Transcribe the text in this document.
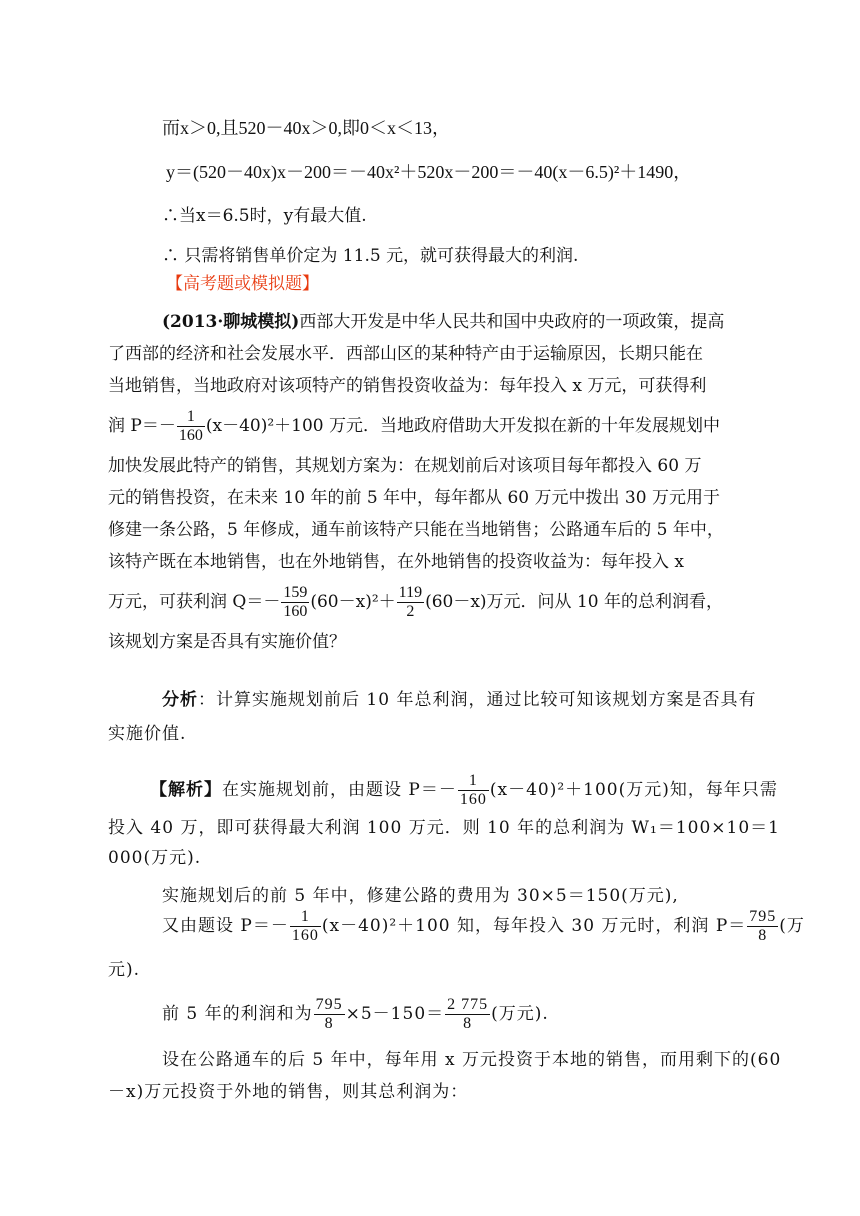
而x＞0,且520－40x＞0,即0＜x＜13，
y＝(520－40x)x－200＝－40x²＋520x－200＝－40(x－6.5)²＋1490，
∴当x＝6.5时，y有最大值.
∴ 只需将销售单价定为 11.5 元，就可获得最大的利润.
【高考题或模拟题】
(2013·聊城模拟)西部大开发是中华人民共和国中央政府的一项政策，提高
了西部的经济和社会发展水平．西部山区的某种特产由于运输原因，长期只能在
当地销售，当地政府对该项特产的销售投资收益为：每年投入 x 万元，可获得利
润 $P=- \frac{1}{160} (x-40)^2+100$ 万元．当地政府借助大开发拟在新的十年发展规划中
加快发展此特产的销售，其规划方案为：在规划前后对该项目每年都投入 60 万
元的销售投资，在未来 10 年的前 5 年中，每年都从 60 万元中拨出 30 万元用于
修建一条公路，5 年修成，通车前该特产只能在当地销售；公路通车后的 5 年中，
该特产既在本地销售，也在外地销售，在外地销售的投资收益为：每年投入 x
万元，可获利润 $Q=- \frac{159}{160} (60-x)^2+ \frac{119}{2} (60-x)$万元．问从 10 年的总利润看，
该规划方案是否具有实施价值？
分析：计算实施规划前后 10 年总利润，通过比较可知该规划方案是否具有
实施价值.
【解析】在实施规划前，由题设 $P=- \frac{1}{160} (x-40)^2+100$(万元)知，每年只需
投入 40 万，即可获得最大利润 100 万元．则 10 年的总利润为 W₁＝100×10＝1
000(万元).
实施规划后的前 5 年中，修建公路的费用为 30×5＝150(万元),
又由题设 $P=- \frac{1}{160} (x-40)^2+100$ 知，每年投入 30 万元时，利润 $P= \frac{795}{8}$ (万
元).
前 5 年的利润和为 $\frac{795}{8} \times 5-150= \frac{2 775}{8}$ (万元).
设在公路通车的后 5 年中，每年用 x 万元投资于本地的销售，而用剩下的(60
－x)万元投资于外地的销售，则其总利润为：
